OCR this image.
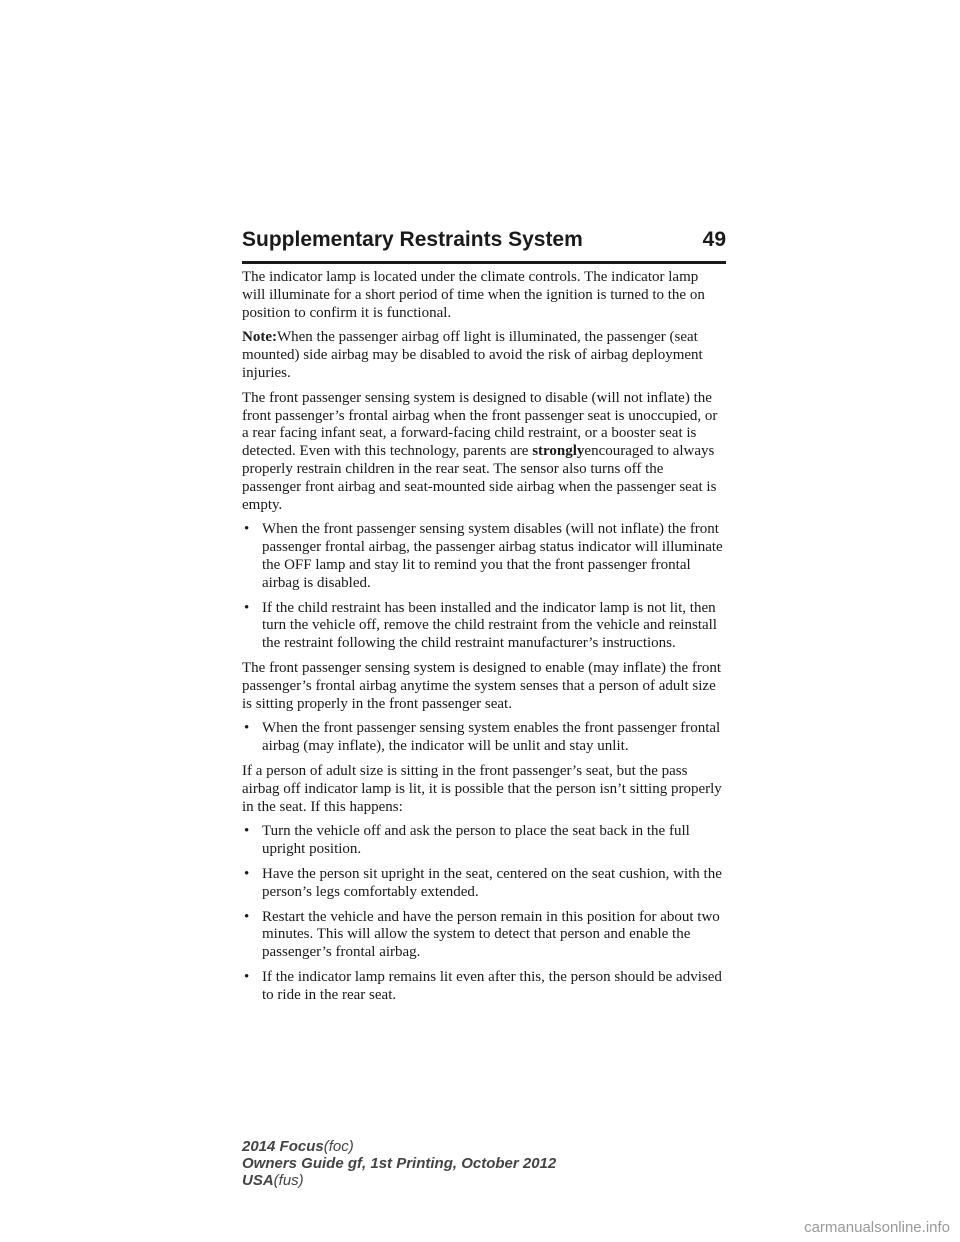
Supplementary Restraints System	49

The indicator lamp is located under the climate controls. The indicator lamp will illuminate for a short period of time when the ignition is turned to the on position to confirm it is functional.

Note:When the passenger airbag off light is illuminated, the passenger (seat mounted) side airbag may be disabled to avoid the risk of airbag deployment injuries.

The front passenger sensing system is designed to disable (will not inflate) the front passenger’s frontal airbag when the front passenger seat is unoccupied, or a rear facing infant seat, a forward-facing child restraint, or a booster seat is detected. Even with this technology, parents are stronglyencouraged to always properly restrain children in the rear seat. The sensor also turns off the passenger front airbag and seat-mounted side airbag when the passenger seat is empty.

• When the front passenger sensing system disables (will not inflate) the front passenger frontal airbag, the passenger airbag status indicator will illuminate the OFF lamp and stay lit to remind you that the front passenger frontal airbag is disabled.
• If the child restraint has been installed and the indicator lamp is not lit, then turn the vehicle off, remove the child restraint from the vehicle and reinstall the restraint following the child restraint manufacturer’s instructions.

The front passenger sensing system is designed to enable (may inflate) the front passenger’s frontal airbag anytime the system senses that a person of adult size is sitting properly in the front passenger seat.

• When the front passenger sensing system enables the front passenger frontal airbag (may inflate), the indicator will be unlit and stay unlit.

If a person of adult size is sitting in the front passenger’s seat, but the pass airbag off indicator lamp is lit, it is possible that the person isn’t sitting properly in the seat. If this happens:

• Turn the vehicle off and ask the person to place the seat back in the full upright position.
• Have the person sit upright in the seat, centered on the seat cushion, with the person’s legs comfortably extended.
• Restart the vehicle and have the person remain in this position for about two minutes. This will allow the system to detect that person and enable the passenger’s frontal airbag.
• If the indicator lamp remains lit even after this, the person should be advised to ride in the rear seat.
2014 Focus(foc)
Owners Guide gf, 1st Printing, October 2012
USA(fus)
carmanualsonline.info
